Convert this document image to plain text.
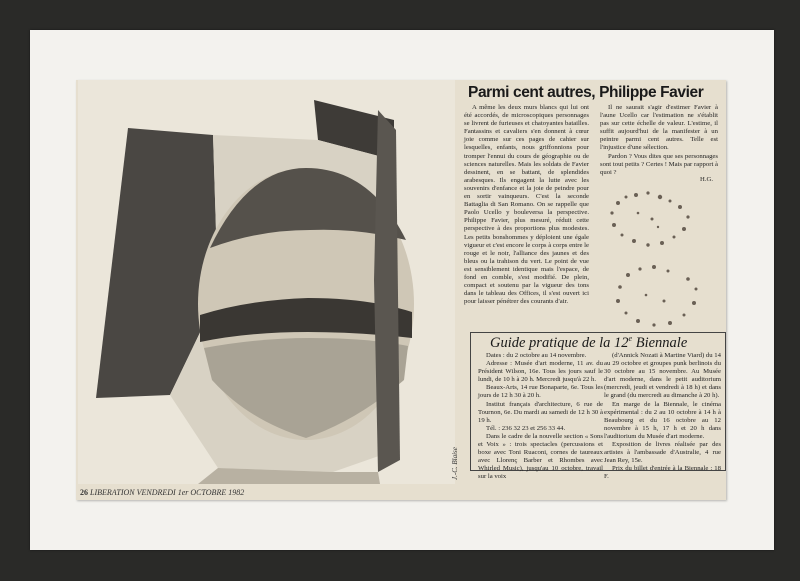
J.-C. Blaise
Parmi cent autres, Philippe Favier

A même les deux murs blancs qui lui ont été accordés, de microscopiques personnages se livrent de furieuses et chatoyantes batailles. Fantassins et cavaliers s'en donnent à cœur joie comme sur ces pages de cahier sur lesquelles, enfants, nous griffonnions pour tromper l'ennui du cours de géographie ou de sciences naturelles. Mais les soldats de Favier dessinent, en se battant, de splendides arabesques. Ils engagent la lutte avec les souvenirs d'enfance et la joie de peindre pour en sortir vainqueurs. C'est la seconde Battaglia di San Romano. On se rappelle que Paolo Ucello y bouleversa la perspective. Philippe Favier, plus mesuré, réduit cette perspective à des proportions plus modestes. Les petits bonshommes y déploient une égale vigueur et c'est encore le corps à corps entre le rouge et le noir, l'alliance des jaunes et des bleus ou la trahison du vert. Le point de vue est sensiblement identique mais l'espace, de fond en comble, s'est modifié. De plein, compact et soutenu par la vigueur des tons dans le tableau des Offices, il s'est ouvert ici pour laisser pénétrer des courants d'air.

Il ne saurait s'agir d'estimer Favier à l'aune Ucello car l'estimation ne s'établit pas sur cette échelle de valeur. L'estime, il suffit aujourd'hui de la manifester à un peintre parmi cent autres. Telle est l'injustice d'une sélection.

Pardon ? Vous dites que ses personnages sont tout petits ? Certes ! Mais par rapport à quoi ?

H.G.
Guide pratique de la 12e Biennale

Dates : du 2 octobre au 14 novembre.

Adresse : Musée d'art moderne, 11 av. du Président Wilson, 16e. Tous les jours sauf le lundi, de 10 h à 20 h. Mercredi jusqu'à 22 h.

Beaux-Arts, 14 rue Bonaparte, 6e. Tous les jours de 12 h 30 à 20 h.

Institut français d'architecture, 6 rue de Tournon, 6e. Du mardi au samedi de 12 h 30 à 19 h.

Tél. : 236 32 23 et 256 33 44.

Dans le cadre de la nouvelle section « Sons et Voix » : trois spectacles (percussions et boxe avec Toni Ruaconi, cornes de taureaux avec Llorenç Barber et Rhombes avec Whirled Music), jusqu'au 10 octobre, travail sur la voix

(d'Annick Nozati à Martine Viard) du 14 au 29 octobre et groupes punk berlinois du 30 octobre au 15 novembre. Au Musée d'art moderne, dans le petit auditorium (mercredi, jeudi et vendredi à 18 h) et dans le grand (du mercredi au dimanche à 20 h).

En marge de la Biennale, le cinéma expérimental : du 2 au 10 octobre à 14 h à Beaubourg et du 16 octobre au 12 novembre à 15 h, 17 h et 20 h dans l'auditorium du Musée d'art moderne.

Exposition de livres réalisée par des artistes à l'ambassade d'Australie, 4 rue Jean Rey, 15e.

Prix du billet d'entrée à la Biennale : 18 F.

26 LIBERATION VENDREDI 1er OCTOBRE 1982
